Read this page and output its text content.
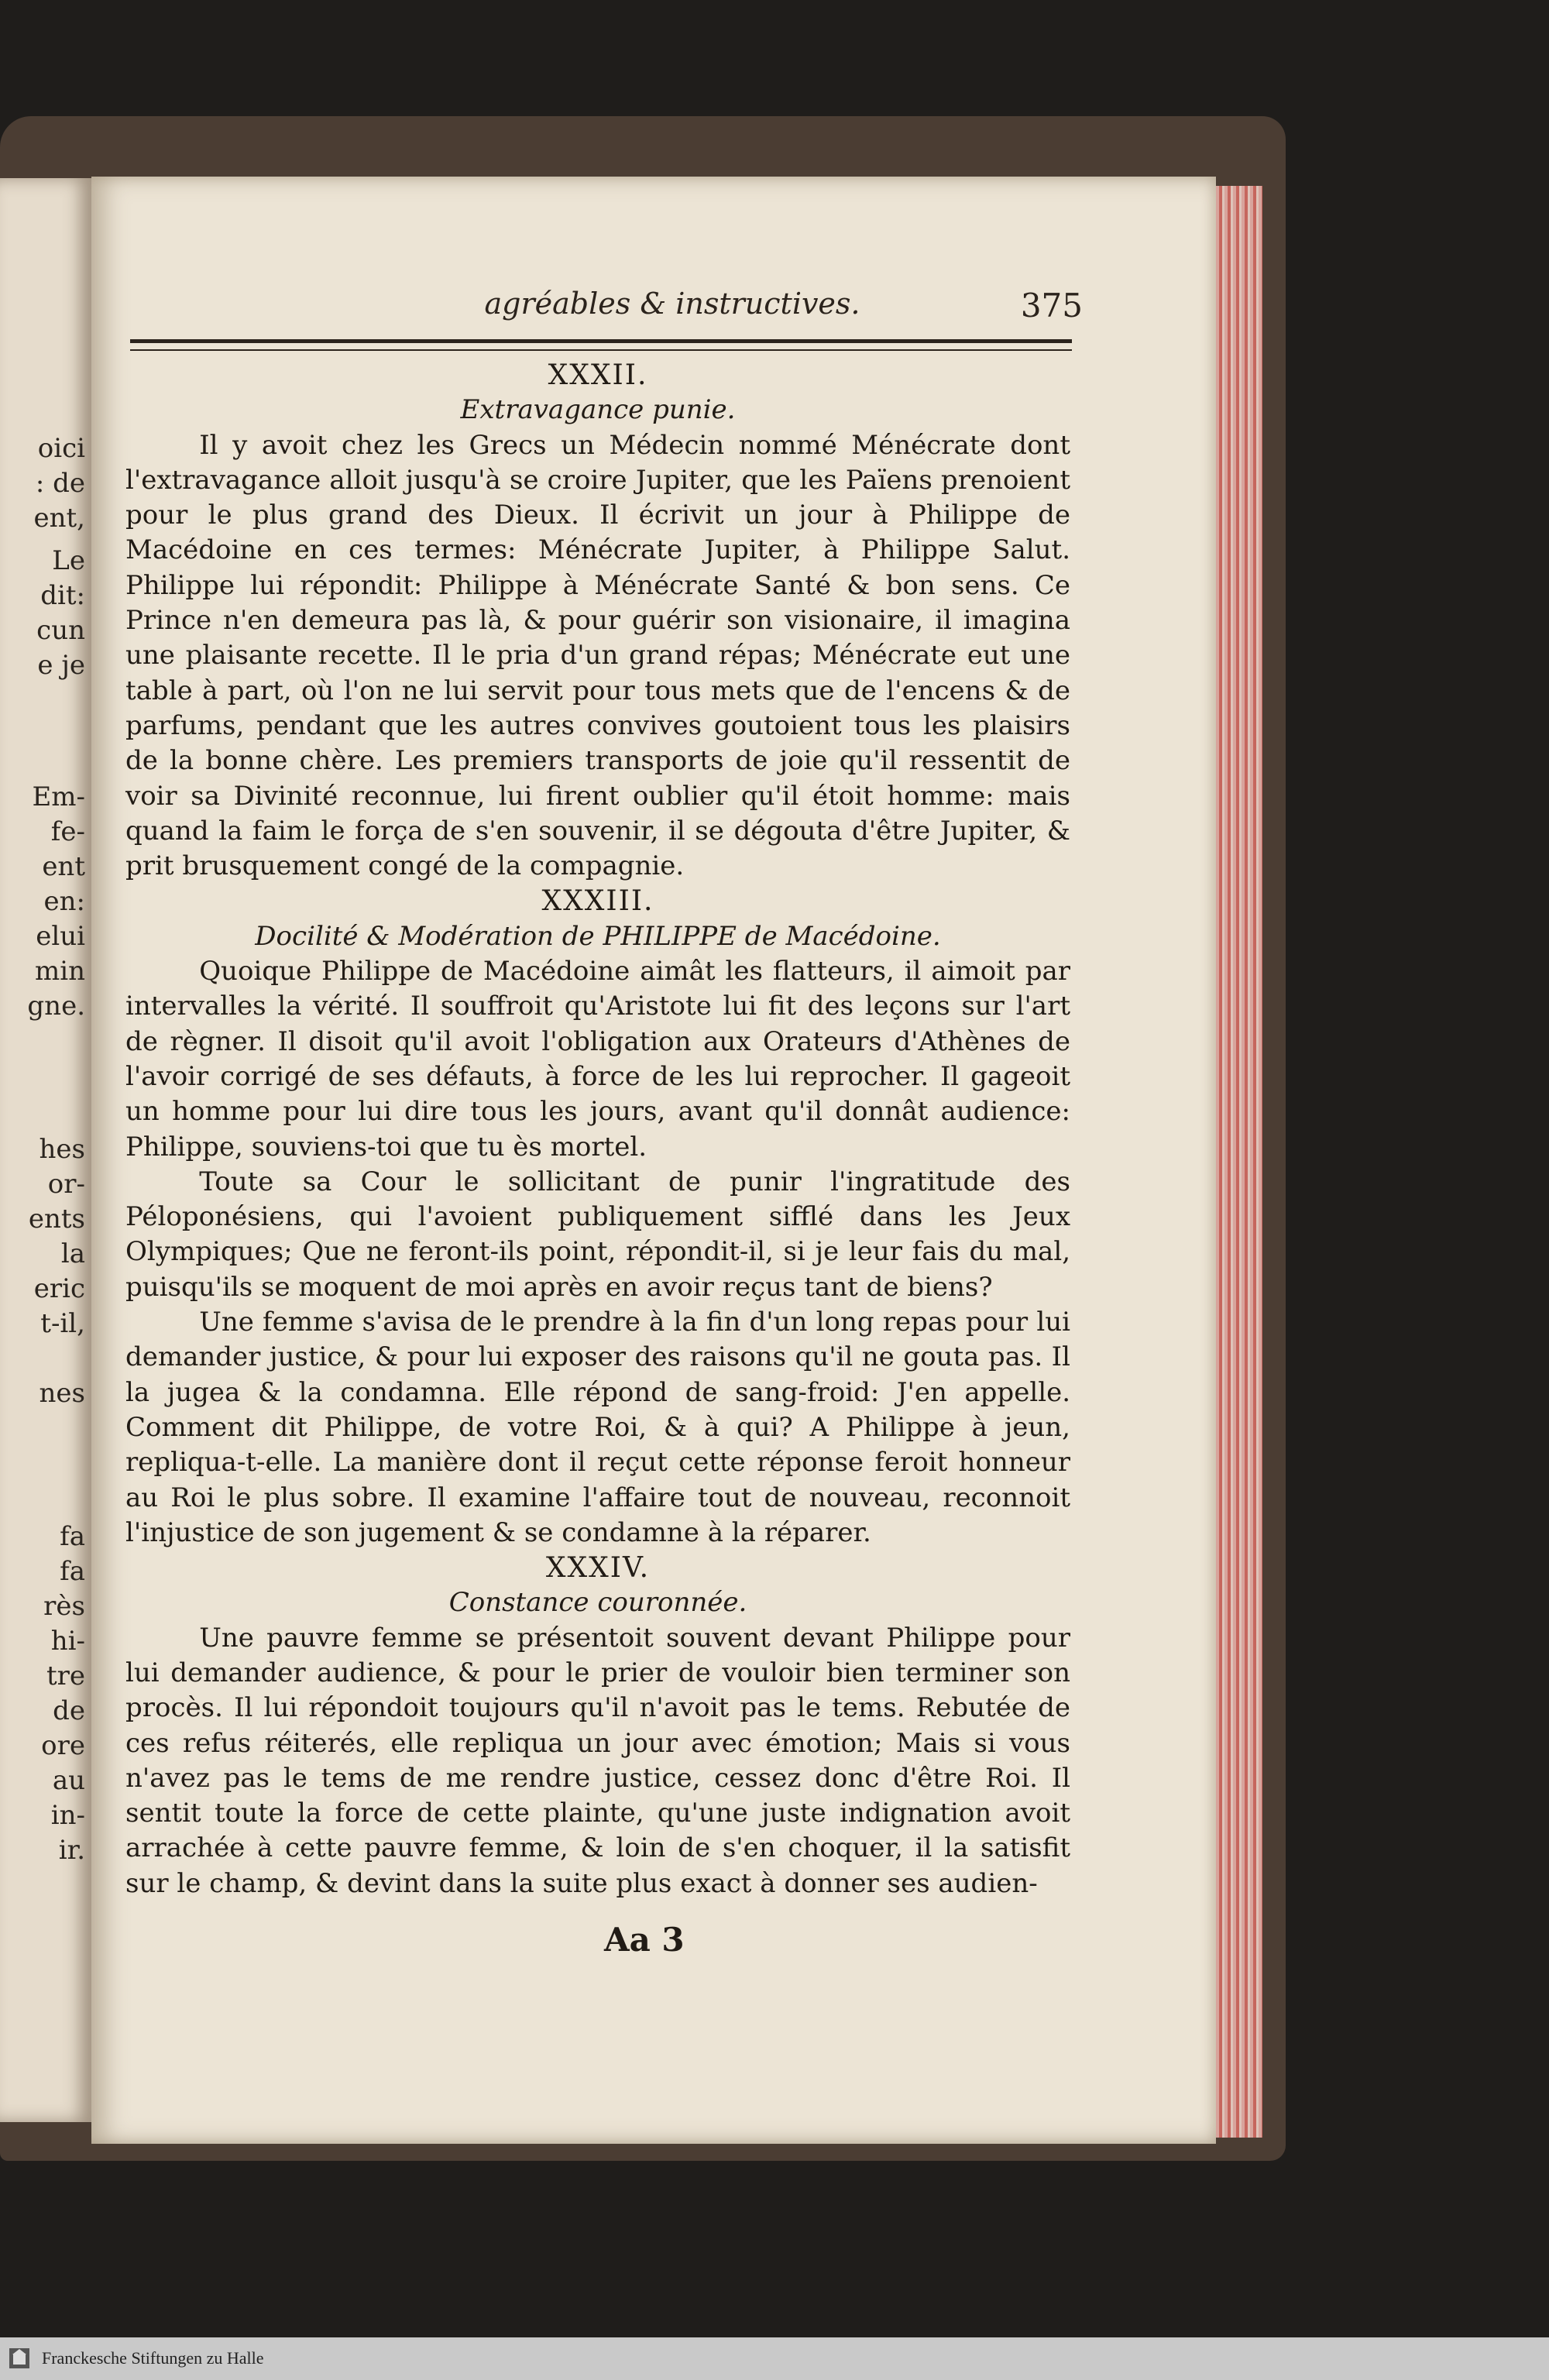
oici
: de
ent,
Le
dit:
cun
e je
Em-
fe-
ent
en:
elui
min
gne.
hes
or-
ents
la
eric
t-il,
nes
fa
fa
rès
hi-
tre
de
ore
au
in-
ir.
agréables & instructives.	375

XXXII.

Extravagance punie.

Il y avoit chez les Grecs un Médecin nommé Ménécrate dont l'extravagance alloit jusqu'à se croire Jupiter, que les Païens prenoient pour le plus grand des Dieux. Il écrivit un jour à Philippe de Macédoine en ces termes: Ménécrate Jupiter, à Philippe Salut. Philippe lui répondit: Philippe à Ménécrate Santé & bon sens. Ce Prince n'en demeura pas là, & pour guérir son visionaire, il imagina une plaisante recette. Il le pria d'un grand répas; Ménécrate eut une table à part, où l'on ne lui servit pour tous mets que de l'encens & de parfums, pendant que les autres convives goutoient tous les plaisirs de la bonne chère. Les premiers transports de joie qu'il ressentit de voir sa Divinité reconnue, lui firent oublier qu'il étoit homme: mais quand la faim le força de s'en souvenir, il se dégouta d'être Jupiter, & prit brusquement congé de la compagnie.

XXXIII.

Docilité & Modération de PHILIPPE de Macédoine.

Quoique Philippe de Macédoine aimât les flatteurs, il aimoit par intervalles la vérité. Il souffroit qu'Aristote lui fit des leçons sur l'art de règner. Il disoit qu'il avoit l'obligation aux Orateurs d'Athènes de l'avoir corrigé de ses défauts, à force de les lui reprocher. Il gageoit un homme pour lui dire tous les jours, avant qu'il donnât audience: Philippe, souviens-toi que tu ès mortel.

Toute sa Cour le sollicitant de punir l'ingratitude des Péloponésiens, qui l'avoient publiquement sifflé dans les Jeux Olympiques; Que ne feront-ils point, répondit-il, si je leur fais du mal, puisqu'ils se moquent de moi après en avoir reçus tant de biens?

Une femme s'avisa de le prendre à la fin d'un long repas pour lui demander justice, & pour lui exposer des raisons qu'il ne gouta pas. Il la jugea & la condamna. Elle répond de sang-froid: J'en appelle. Comment dit Philippe, de votre Roi, & à qui? A Philippe à jeun, repliqua-t-elle. La manière dont il reçut cette réponse feroit honneur au Roi le plus sobre. Il examine l'affaire tout de nouveau, reconnoit l'injustice de son jugement & se condamne à la réparer.

XXXIV.

Constance couronnée.

Une pauvre femme se présentoit souvent devant Philippe pour lui demander audience, & pour le prier de vouloir bien terminer son procès. Il lui répondoit toujours qu'il n'avoit pas le tems. Rebutée de ces refus réiterés, elle repliqua un jour avec émotion; Mais si vous n'avez pas le tems de me rendre justice, cessez donc d'être Roi. Il sentit toute la force de cette plainte, qu'une juste indignation avoit arrachée à cette pauvre femme, & loin de s'en choquer, il la satisfit sur le champ, & devint dans la suite plus exact à donner ses audien-

Aa 3
Franckesche Stiftungen zu Halle
